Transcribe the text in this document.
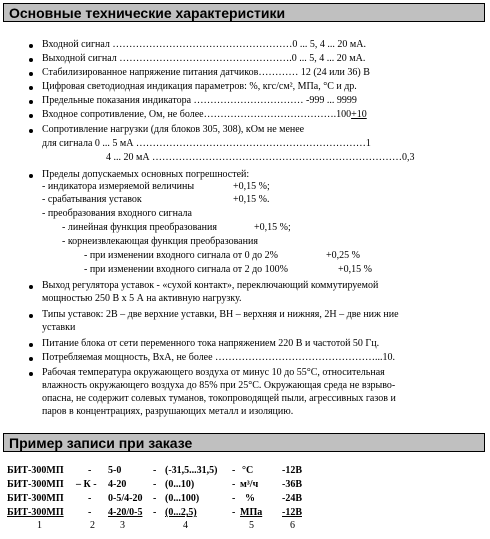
Основные технические характеристики
Входной сигнал ………………………………………………0 ... 5, 4 ... 20 мА.
Выходной сигнал …………………………………………….0 ... 5, 4 ... 20 мА.
Стабилизированное напряжение питания датчиков………… 12 (24 или 36) В
Цифровая светодиодная индикация параметров: %, кгс/см², МПа, °С и др.
Предельные показания индикатора …………………………… -999 ... 9999
Входное сопротивление, Ом, не более………………………………….100+10
Сопротивление нагрузки (для блоков 305, 308), кОм не менее
для сигнала 0 ... 5 мА ……………………………………………………………1
4 ... 20 мА …………………………………………………………………0,3
Пределы допускаемых основных погрешностей:
- индикатора измеряемой величины	+0,15 %;
- срабатывания уставок	+0,15 %.
- преобразования входного сигнала
- линейная функция преобразования	+0,15 %;
- корнеизвлекающая функция преобразования
- при изменении входного сигнала от 0 до 2%	+0,25 %
- при изменении входного сигнала от 2 до 100%	+0,15 %
Выход регулятора уставок - «сухой контакт», переключающий коммутируемой
мощностью 250 В х 5 А на активную нагрузку.
Типы уставок: 2В – две верхние уставки, ВН – верхняя и нижняя, 2Н – две ниж ние
уставки
Питание блока от сети переменного тока напряжением 220 В и частотой 50 Гц.
Потребляемая мощность, ВхА, не более …………………………………………...10.
Рабочая температура окружающего воздуха от минус 10 до 55°С, относительная
влажность окружающего воздуха до 85% при 25°С. Окружающая среда не взрыво-
опасна, не содержит солевых туманов, токопроводящей пыли, агрессивных газов и
паров в концентрациях, разрушающих металл и изоляцию.
Пример записи при заказе
БИТ-300МП - 5-0	- (-31,5...31,5) - °С	-12В
БИТ-300МП – К - 4-20	- (0...10)	- м³/ч -36В
БИТ-300МП - 0-5/4-20 - (0...100)	- %	-24В
БИТ-300МП - 4-20/0-5 - (0...2,5)	- МПа -12В
1	2	3	4	5	6
